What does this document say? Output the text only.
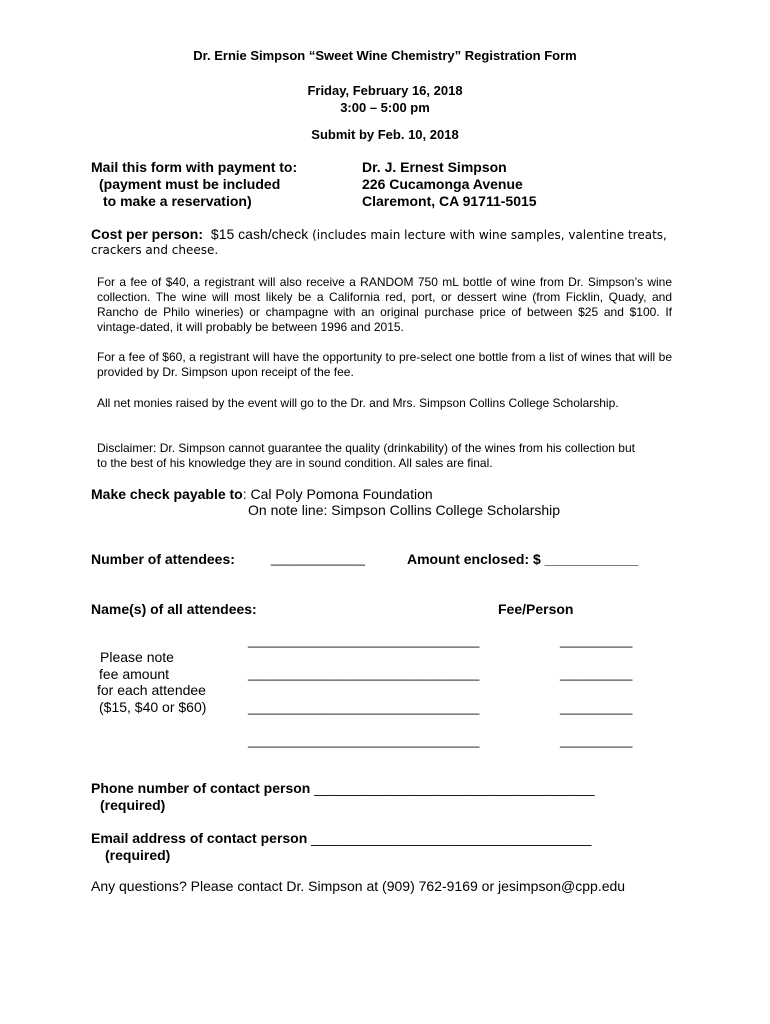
Dr. Ernie Simpson “Sweet Wine Chemistry” Registration Form
Friday, February 16, 2018
3:00 – 5:00 pm
Submit by Feb. 10, 2018
Mail this form with payment to:
(payment must be included
to make a reservation)
Dr. J. Ernest Simpson
226 Cucamonga Avenue
Claremont, CA 91711-5015
Cost per person: $15 cash/check (includes main lecture with wine samples, valentine treats,
crackers and cheese.
For a fee of $40, a registrant will also receive a RANDOM 750 mL bottle of wine from Dr. Simpson’s wine collection. The wine will most likely be a California red, port, or dessert wine (from Ficklin, Quady, and Rancho de Philo wineries) or champagne with an original purchase price of between $25 and $100. If vintage-dated, it will probably be between 1996 and 2015.
For a fee of $60, a registrant will have the opportunity to pre-select one bottle from a list of wines that will be provided by Dr. Simpson upon receipt of the fee.
All net monies raised by the event will go to the Dr. and Mrs. Simpson Collins College Scholarship.
Disclaimer: Dr. Simpson cannot guarantee the quality (drinkability) of the wines from his collection but to the best of his knowledge they are in sound condition. All sales are final.
Make check payable to: Cal Poly Pomona Foundation
On note line: Simpson Collins College Scholarship
Number of attendees:	_____________	Amount enclosed: $ ____________
Name(s) of all attendees:	Fee/Person
________________________________	__________
________________________________	__________
________________________________	__________
________________________________	__________
Please note
fee amount
for each attendee
($15, $40 or $60)
Phone number of contact person ____________________________________
(required)
Email address of contact person ____________________________________
(required)
Any questions? Please contact Dr. Simpson at (909) 762-9169 or jesimpson@cpp.edu
